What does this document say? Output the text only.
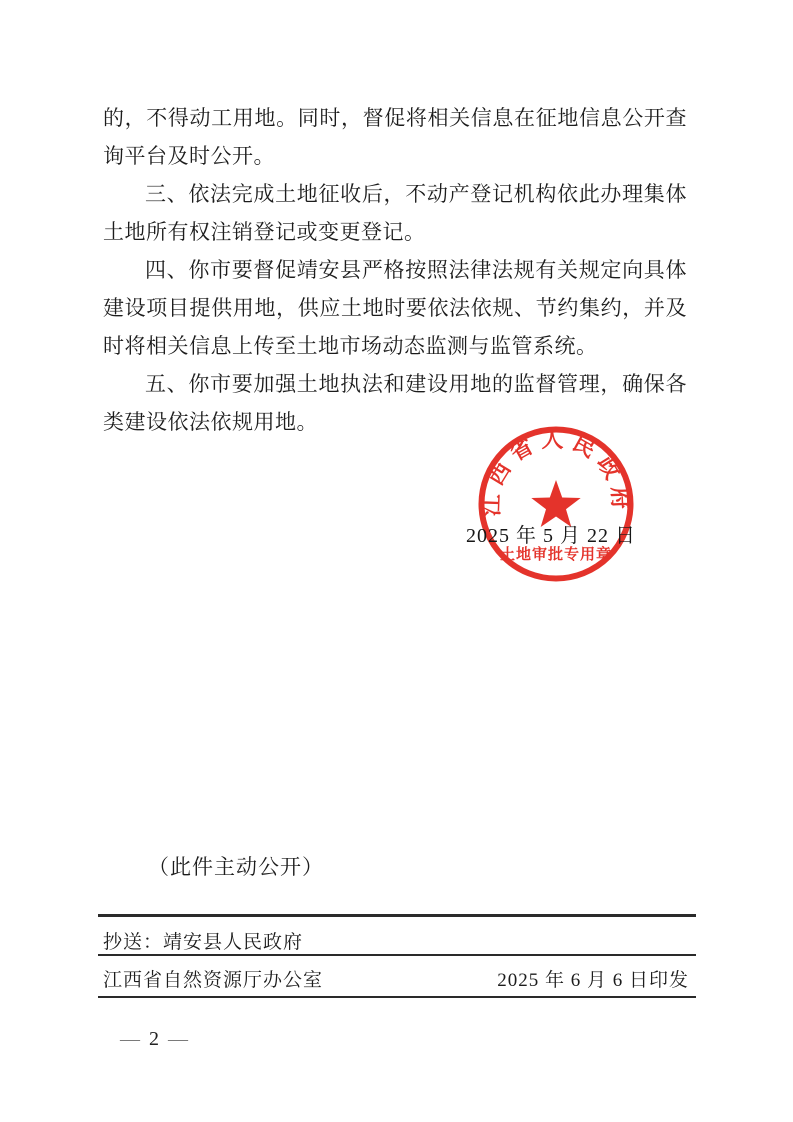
的，不得动工用地。同时，督促将相关信息在征地信息公开查询平台及时公开。

三、依法完成土地征收后，不动产登记机构依此办理集体土地所有权注销登记或变更登记。

四、你市要督促靖安县严格按照法律法规有关规定向具体建设项目提供用地，供应土地时要依法依规、节约集约，并及时将相关信息上传至土地市场动态监测与监管系统。

五、你市要加强土地执法和建设用地的监督管理，确保各类建设依法依规用地。

2025 年 5 月 22 日
江西省人民政府
土地审批专用章
（此件主动公开）
抄送：靖安县人民政府
江西省自然资源厅办公室	2025 年 6 月 6 日印发
— 2 —
